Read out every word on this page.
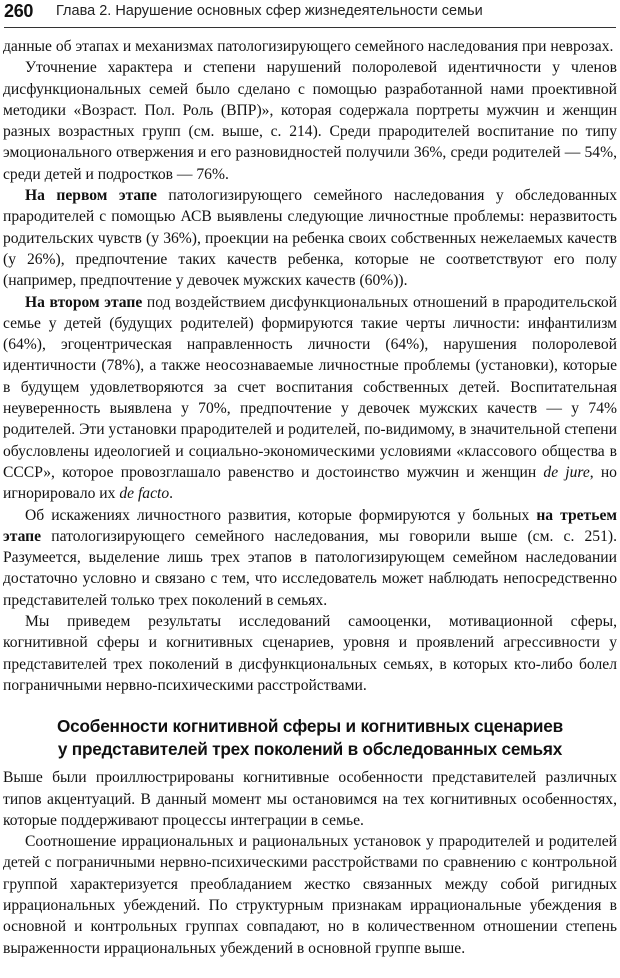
260 Глава 2. Нарушение основных сфер жизнедеятельности семьи

данные об этапах и механизмах патологизирующего семейного наследования при неврозах.

Уточнение характера и степени нарушений полоролевой идентичности у членов дисфункциональных семей было сделано с помощью разработанной нами проективной методики «Возраст. Пол. Роль (ВПР)», которая содержала портреты мужчин и женщин разных возрастных групп (см. выше, с. 214). Среди прародителей воспитание по типу эмоционального отвержения и его разновидностей получили 36%, среди родителей — 54%, среди детей и подростков — 76%.

На первом этапе патологизирующего семейного наследования у обследованных прародителей с помощью АСВ выявлены следующие личностные проблемы: неразвитость родительских чувств (у 36%), проекции на ребенка своих собственных нежелаемых качеств (у 26%), предпочтение таких качеств ребенка, которые не соответствуют его полу (например, предпочтение у девочек мужских качеств (60%)).

На втором этапе под воздействием дисфункциональных отношений в прародительской семье у детей (будущих родителей) формируются такие черты личности: инфантилизм (64%), эгоцентрическая направленность личности (64%), нарушения полоролевой идентичности (78%), а также неосознаваемые личностные проблемы (установки), которые в будущем удовлетворяются за счет воспитания собственных детей. Воспитательная неуверенность выявлена у 70%, предпочтение у девочек мужских качеств — у 74% родителей. Эти установки прародителей и родителей, по-видимому, в значительной степени обусловлены идеологией и социально-экономическими условиями «классового общества в СССР», которое провозглашало равенство и достоинство мужчин и женщин de jure, но игнорировало их de facto.

Об искажениях личностного развития, которые формируются у больных на третьем этапе патологизирующего семейного наследования, мы говорили выше (см. с. 251). Разумеется, выделение лишь трех этапов в патологизирующем семейном наследовании достаточно условно и связано с тем, что исследователь может наблюдать непосредственно представителей только трех поколений в семьях.

Мы приведем результаты исследований самооценки, мотивационной сферы, когнитивной сферы и когнитивных сценариев, уровня и проявлений агрессивности у представителей трех поколений в дисфункциональных семьях, в которых кто-либо болел пограничными нервно-психическими расстройствами.

Особенности когнитивной сферы и когнитивных сценариев
у представителей трех поколений в обследованных семьях

Выше были проиллюстрированы когнитивные особенности представителей различных типов акцентуаций. В данный момент мы остановимся на тех когнитивных особенностях, которые поддерживают процессы интеграции в семье.

Соотношение иррациональных и рациональных установок у прародителей и родителей детей с пограничными нервно-психическими расстройствами по сравнению с контрольной группой характеризуется преобладанием жестко связанных между собой ригидных иррациональных убеждений. По структурным признакам иррациональные убеждения в основной и контрольных группах совпадают, но в количественном отношении степень выраженности иррациональных убеждений в основной группе выше.
